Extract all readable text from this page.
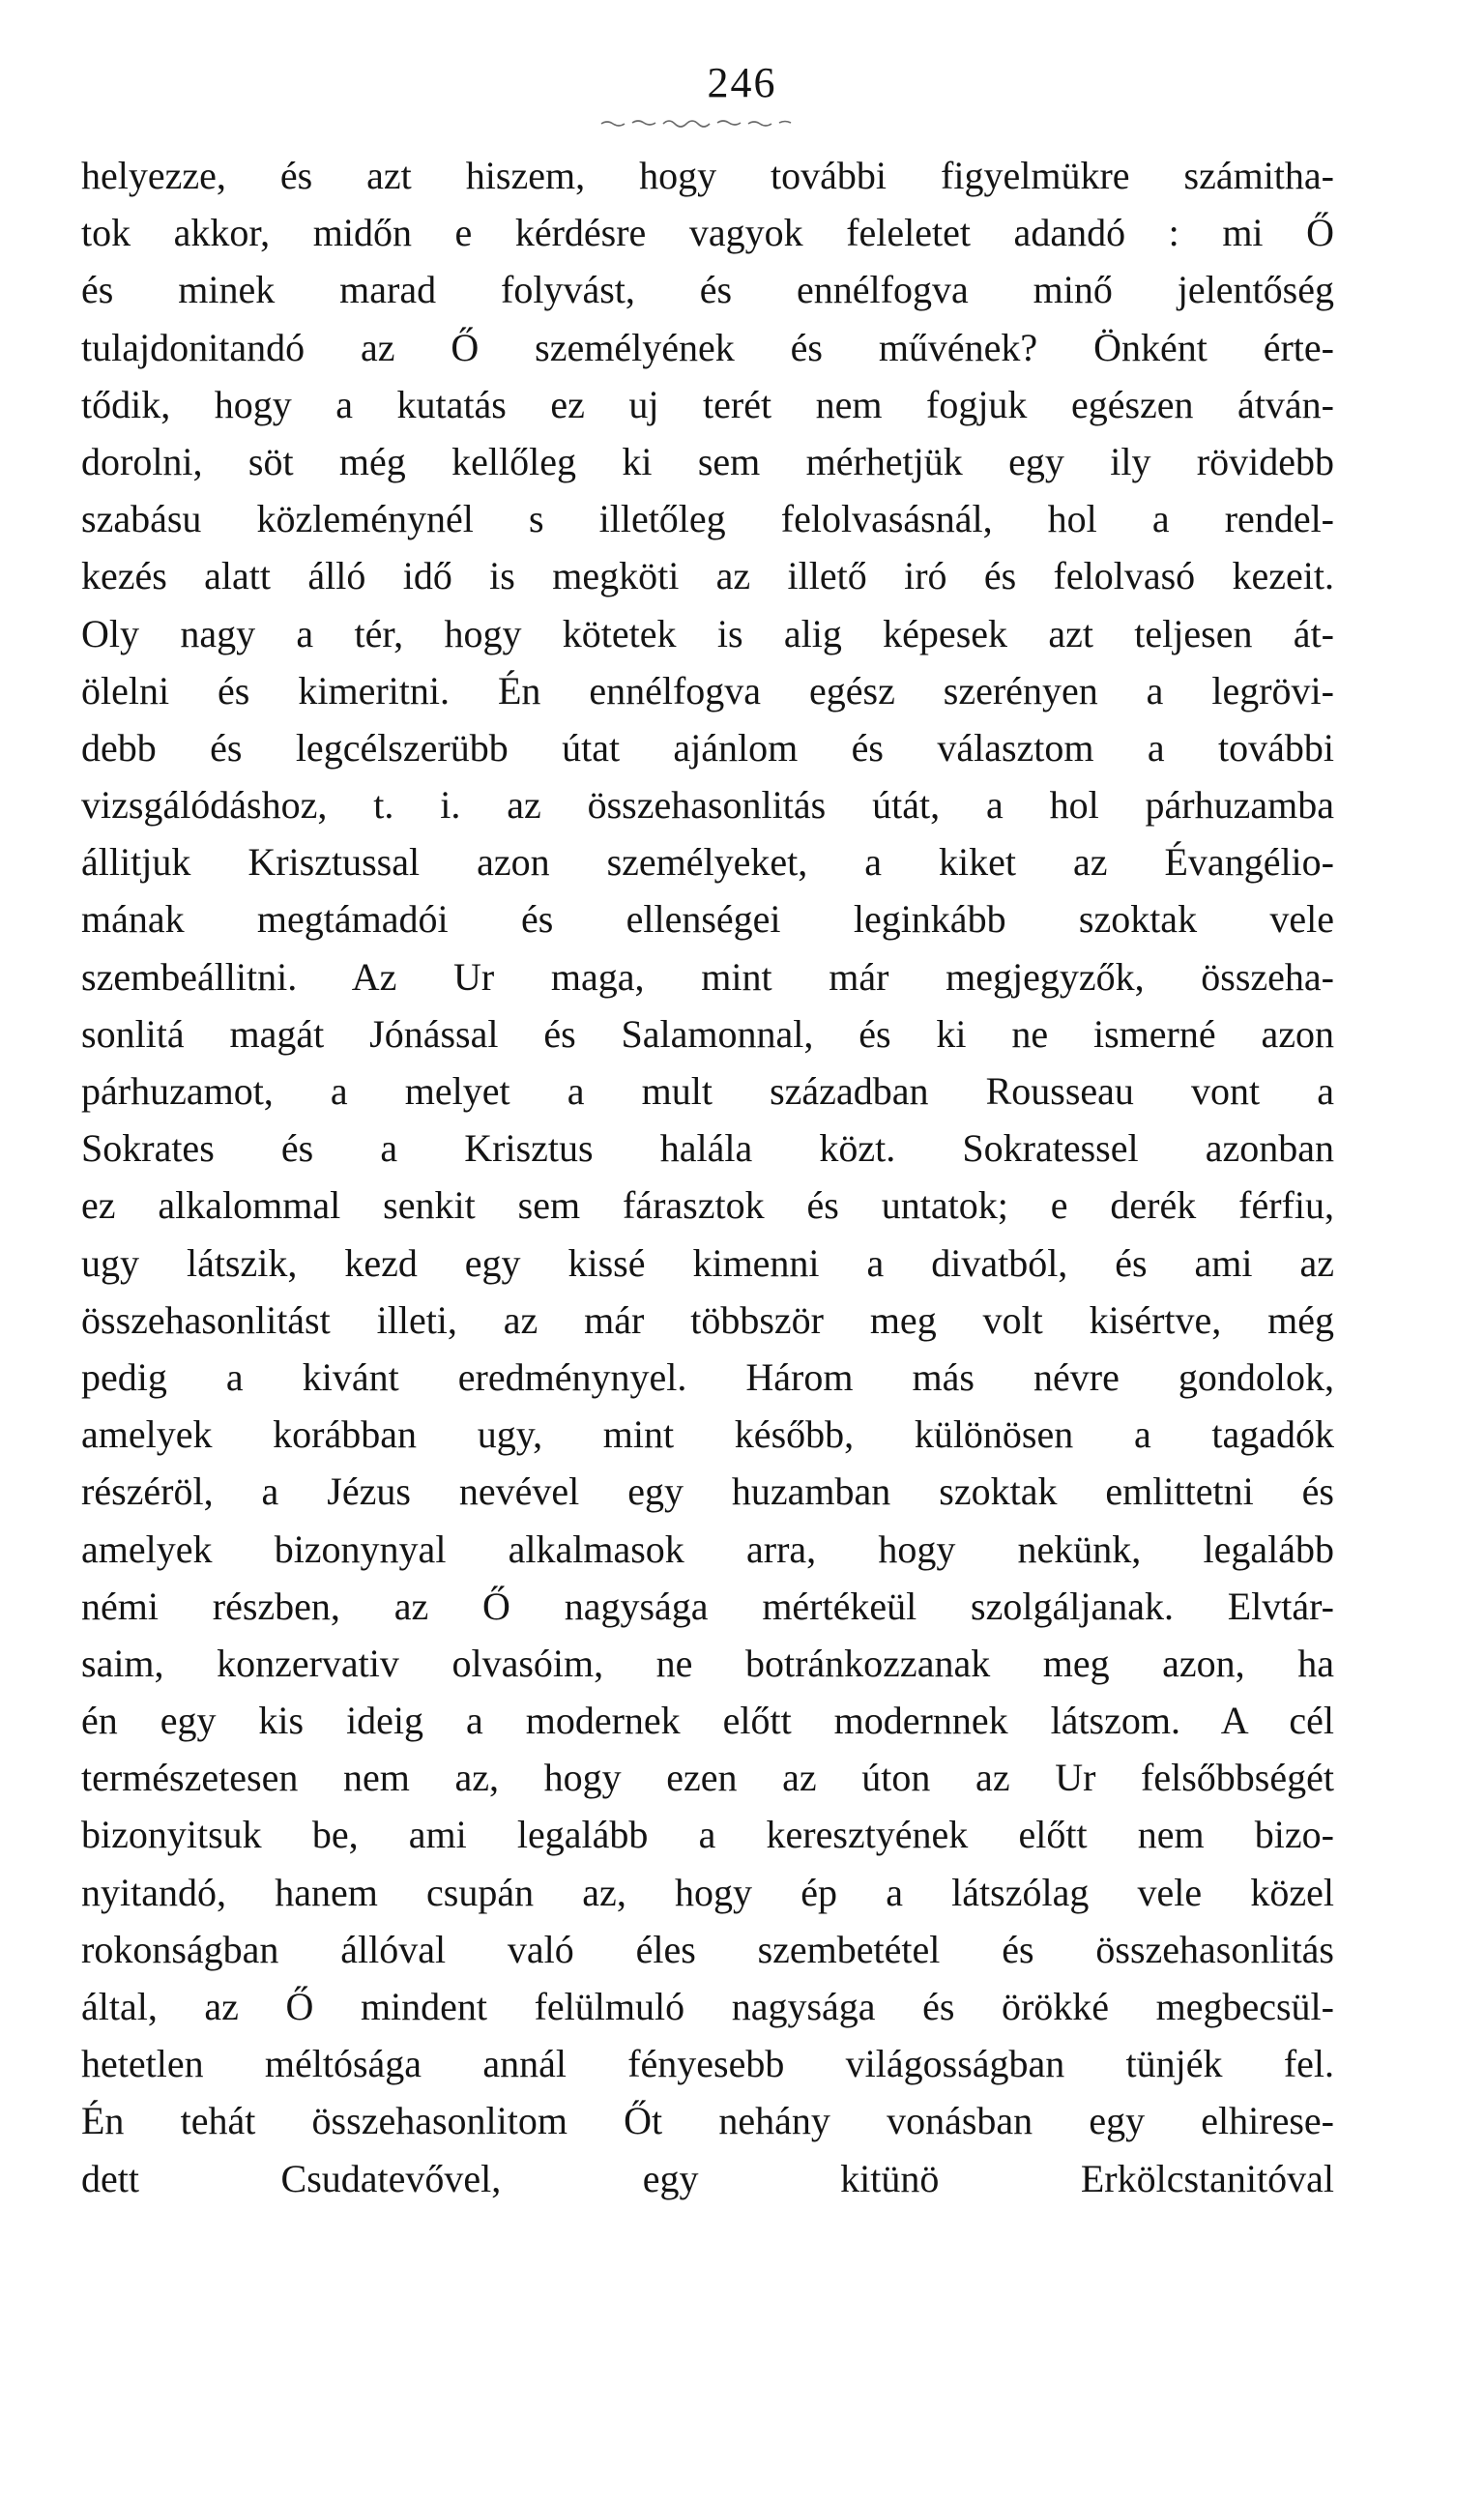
246
helyezze, és azt hiszem, hogy további figyelmükre számitha-
tok akkor, midőn e kérdésre vagyok feleletet adandó : mi Ő
és minek marad folyvást, és ennélfogva minő jelentőség
tulajdonitandó az Ő személyének és művének? Önként érte-
tődik, hogy a kutatás ez uj terét nem fogjuk egészen átván-
dorolni, söt még kellőleg ki sem mérhetjük egy ily rövidebb
szabásu közleménynél s illetőleg felolvasásnál, hol a rendel-
kezés alatt álló idő is megköti az illető iró és felolvasó kezeit.
Oly nagy a tér, hogy kötetek is alig képesek azt teljesen át-
ölelni és kimeritni. Én ennélfogva egész szerényen a legrövi-
debb és legcélszerübb útat ajánlom és választom a további
vizsgálódáshoz, t. i. az összehasonlitás útát, a hol párhuzamba
állitjuk Krisztussal azon személyeket, a kiket az Évangélio-
mának megtámadói és ellenségei leginkább szoktak vele
szembeállitni. Az Ur maga, mint már megjegyzők, összeha-
sonlitá magát Jónással és Salamonnal, és ki ne ismerné azon
párhuzamot, a melyet a mult században Rousseau vont a
Sokrates és a Krisztus halála közt. Sokratessel azonban
ez alkalommal senkit sem fárasztok és untatok; e derék férfiu,
ugy látszik, kezd egy kissé kimenni a divatból, és ami az
összehasonlitást illeti, az már többször meg volt kisértve, még
pedig a kivánt eredménynyel. Három más névre gondolok,
amelyek korábban ugy, mint később, különösen a tagadók
részéröl, a Jézus nevével egy huzamban szoktak emlittetni és
amelyek bizonynyal alkalmasok arra, hogy nekünk, legalább
némi részben, az Ő nagysága mértékeül szolgáljanak. Elvtár-
saim, konzervativ olvasóim, ne botránkozzanak meg azon, ha
én egy kis ideig a modernek előtt modernnek látszom. A cél
természetesen nem az, hogy ezen az úton az Ur felsőbbségét
bizonyitsuk be, ami legalább a keresztyének előtt nem bizo-
nyitandó, hanem csupán az, hogy ép a látszólag vele közel
rokonságban állóval való éles szembetétel és összehasonlitás
által, az Ő mindent felülmuló nagysága és örökké megbecsül-
hetetlen méltósága annál fényesebb világosságban tünjék fel.
Én tehát összehasonlitom Őt nehány vonásban egy elhirese-
dett Csudatevővel, egy kitünö Erkölcstanitóval
